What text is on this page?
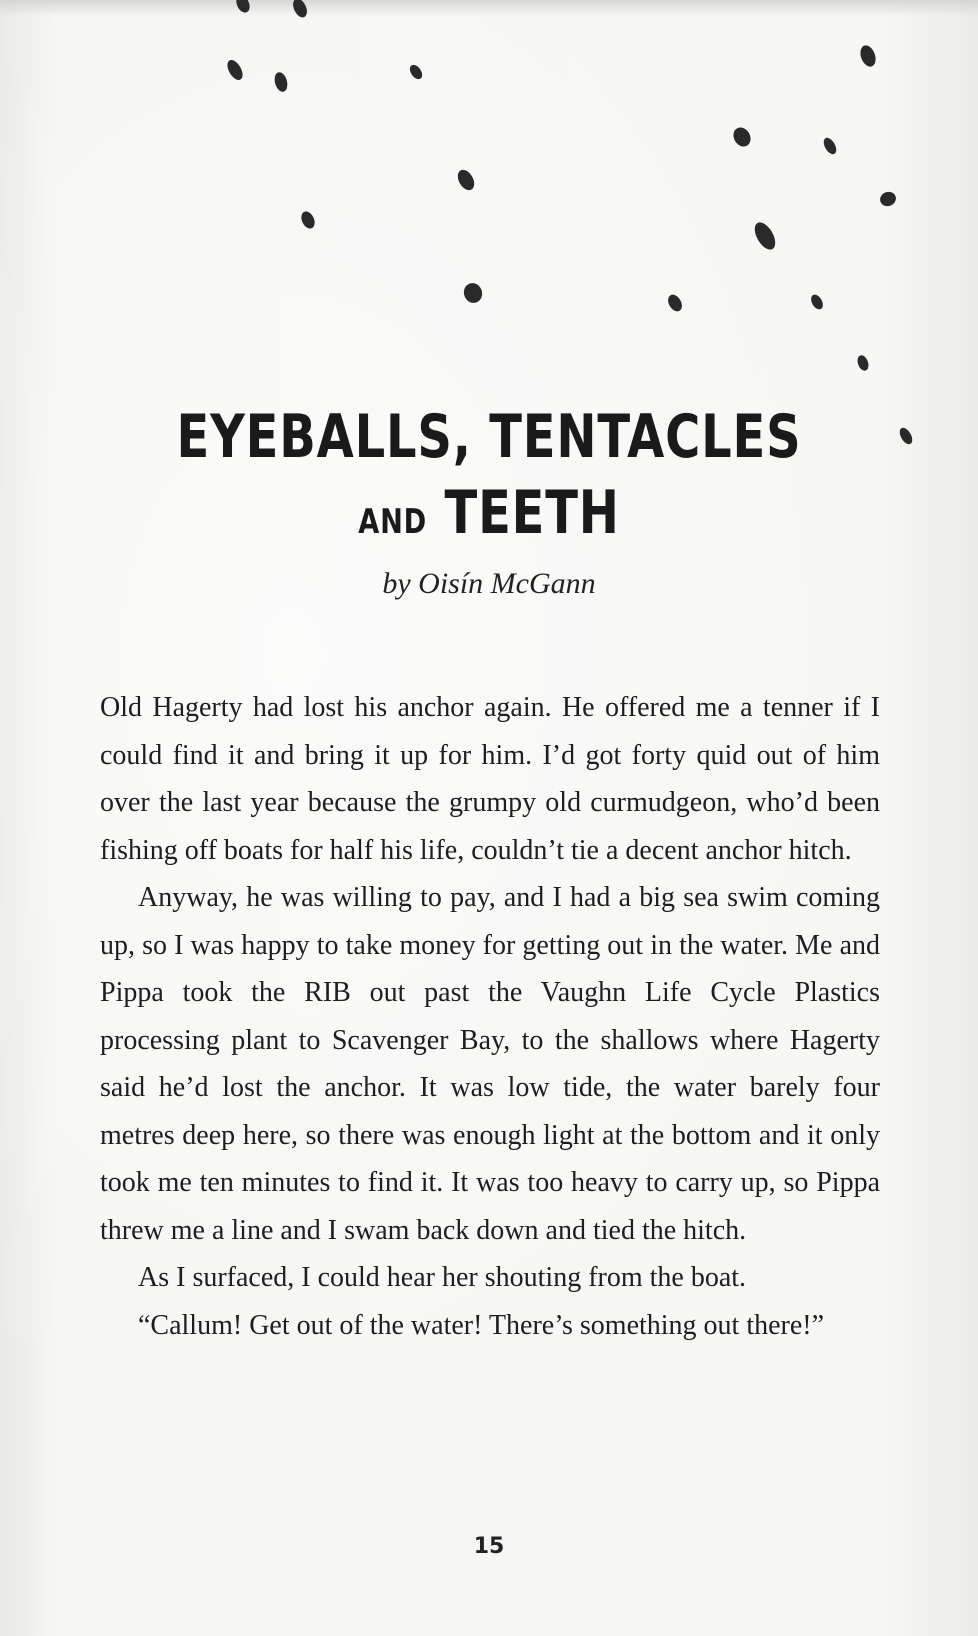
EYEBALLS, TENTACLES
AND TEETH
by Oisín McGann

Old Hagerty had lost his anchor again. He offered me a tenner if I could find it and bring it up for him. I’d got forty quid out of him over the last year because the grumpy old curmudgeon, who’d been fishing off boats for half his life, couldn’t tie a decent anchor hitch.

Anyway, he was willing to pay, and I had a big sea swim coming up, so I was happy to take money for getting out in the water. Me and Pippa took the RIB out past the Vaughn Life Cycle Plastics processing plant to Scavenger Bay, to the shallows where Hagerty said he’d lost the anchor. It was low tide, the water barely four metres deep here, so there was enough light at the bottom and it only took me ten minutes to find it. It was too heavy to carry up, so Pippa threw me a line and I swam back down and tied the hitch.

As I surfaced, I could hear her shouting from the boat.

“Callum! Get out of the water! There’s something out there!”

15
